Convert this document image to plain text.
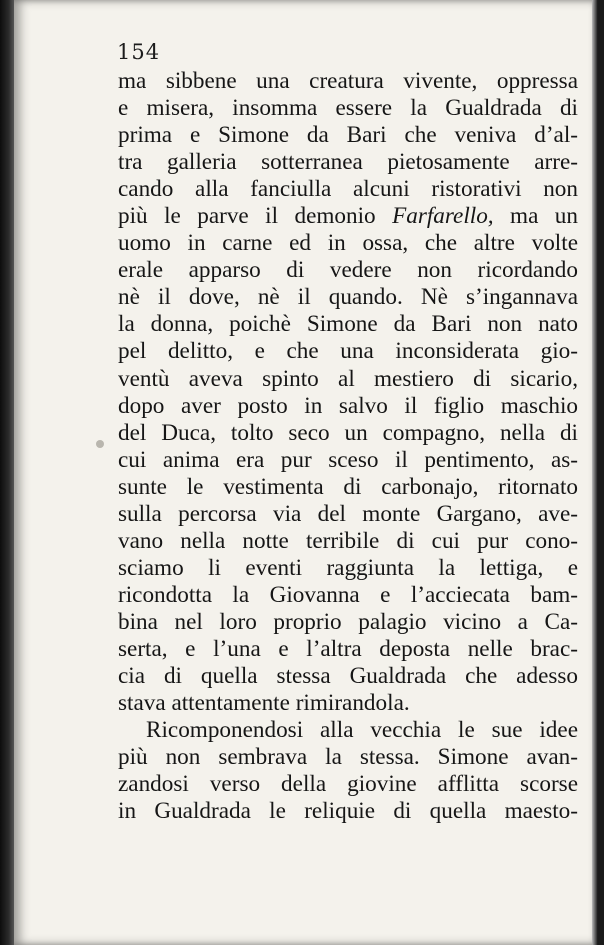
154
ma sibbene una creatura vivente, oppressa
e misera, insomma essere la Gualdrada di
prima e Simone da Bari che veniva d’al-
tra galleria sotterranea pietosamente arre-
cando alla fanciulla alcuni ristorativi non
più le parve il demonio Farfarello, ma un
uomo in carne ed in ossa, che altre volte
erale apparso di vedere non ricordando
nè il dove, nè il quando. Nè s’ingannava
la donna, poichè Simone da Bari non nato
pel delitto, e che una inconsiderata gio-
ventù aveva spinto al mestiero di sicario,
dopo aver posto in salvo il figlio maschio
del Duca, tolto seco un compagno, nella di
cui anima era pur sceso il pentimento, as-
sunte le vestimenta di carbonajo, ritornato
sulla percorsa via del monte Gargano, ave-
vano nella notte terribile di cui pur cono-
sciamo li eventi raggiunta la lettiga, e
ricondotta la Giovanna e l’acciecata bam-
bina nel loro proprio palagio vicino a Ca-
serta, e l’una e l’altra deposta nelle brac-
cia di quella stessa Gualdrada che adesso
stava attentamente rimirandola.
Ricomponendosi alla vecchia le sue idee
più non sembrava la stessa. Simone avan-
zandosi verso della giovine afflitta scorse
in Gualdrada le reliquie di quella maesto-
